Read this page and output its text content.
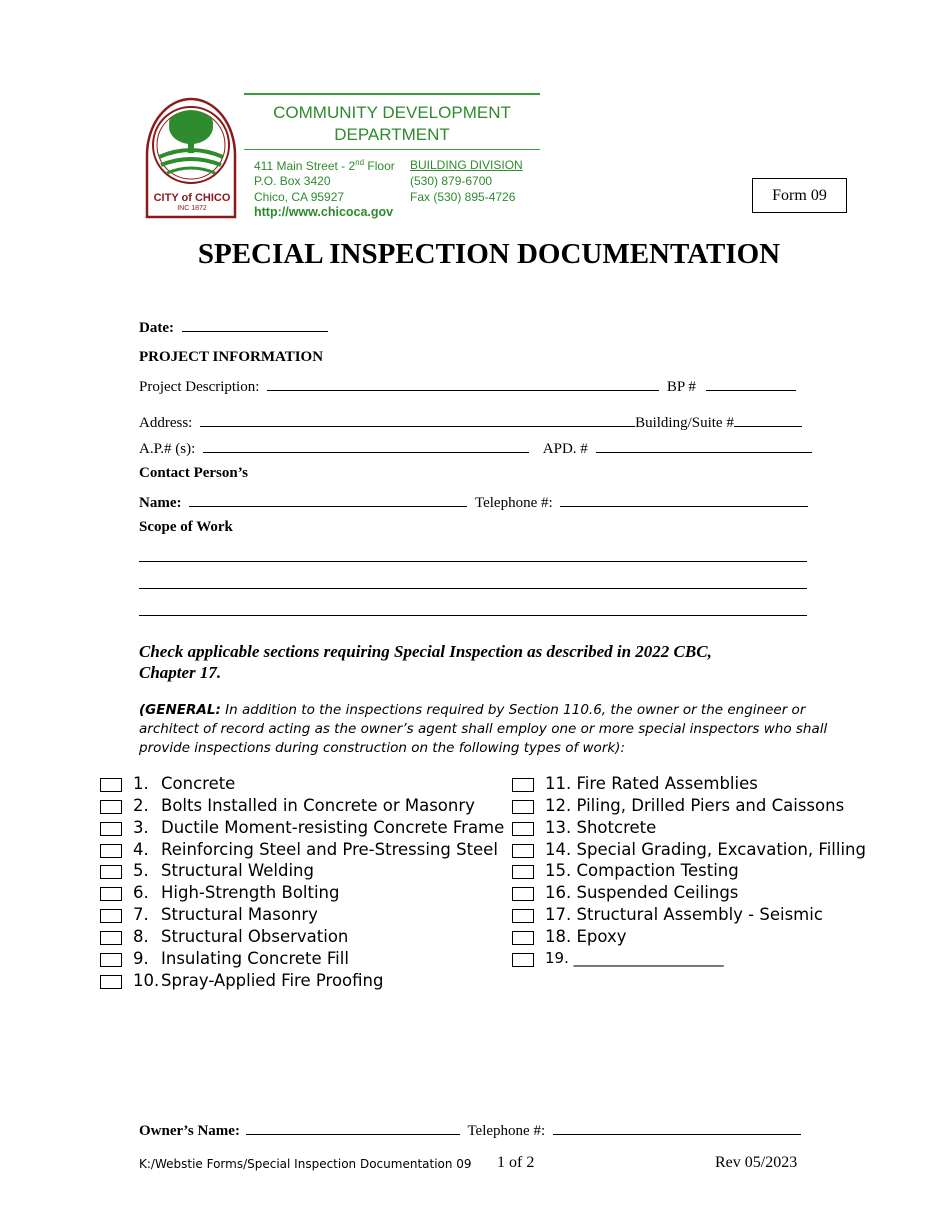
CITY of CHICO
INC 1872
COMMUNITY DEVELOPMENT
DEPARTMENT
411 Main Street - 2nd Floor
P.O. Box 3420
Chico, CA 95927
http://www.chicoca.gov
BUILDING DIVISION
(530) 879-6700
Fax (530) 895-4726	Form 09
SPECIAL INSPECTION DOCUMENTATION
Date:
PROJECT INFORMATION
Project Description:	BP #
Address:	Building/Suite #
A.P.# (s):	APD. #
Contact Person’s
Name:	Telephone #:
Scope of Work
Check applicable sections requiring Special Inspection as described in 2022 CBC,
Chapter 17.
(GENERAL: In addition to the inspections required by Section 110.6, the owner or the engineer or
architect of record acting as the owner’s agent shall employ one or more special inspectors who shall
provide inspections during construction on the following types of work):
1. Concrete
2. Bolts Installed in Concrete or Masonry
3. Ductile Moment-resisting Concrete Frame
4. Reinforcing Steel and Pre-Stressing Steel
5. Structural Welding
6. High-Strength Bolting
7. Structural Masonry
8. Structural Observation
9. Insulating Concrete Fill
10. Spray-Applied Fire Proofing
11. Fire Rated Assemblies
12. Piling, Drilled Piers and Caissons
13. Shotcrete
14. Special Grading, Excavation, Filling
15. Compaction Testing
16. Suspended Ceilings
17. Structural Assembly - Seismic
18. Epoxy
19. ____________________
Owner’s Name:	Telephone #:
K:/Webstie Forms/Special Inspection Documentation 09 1 of 2	Rev 05/2023
